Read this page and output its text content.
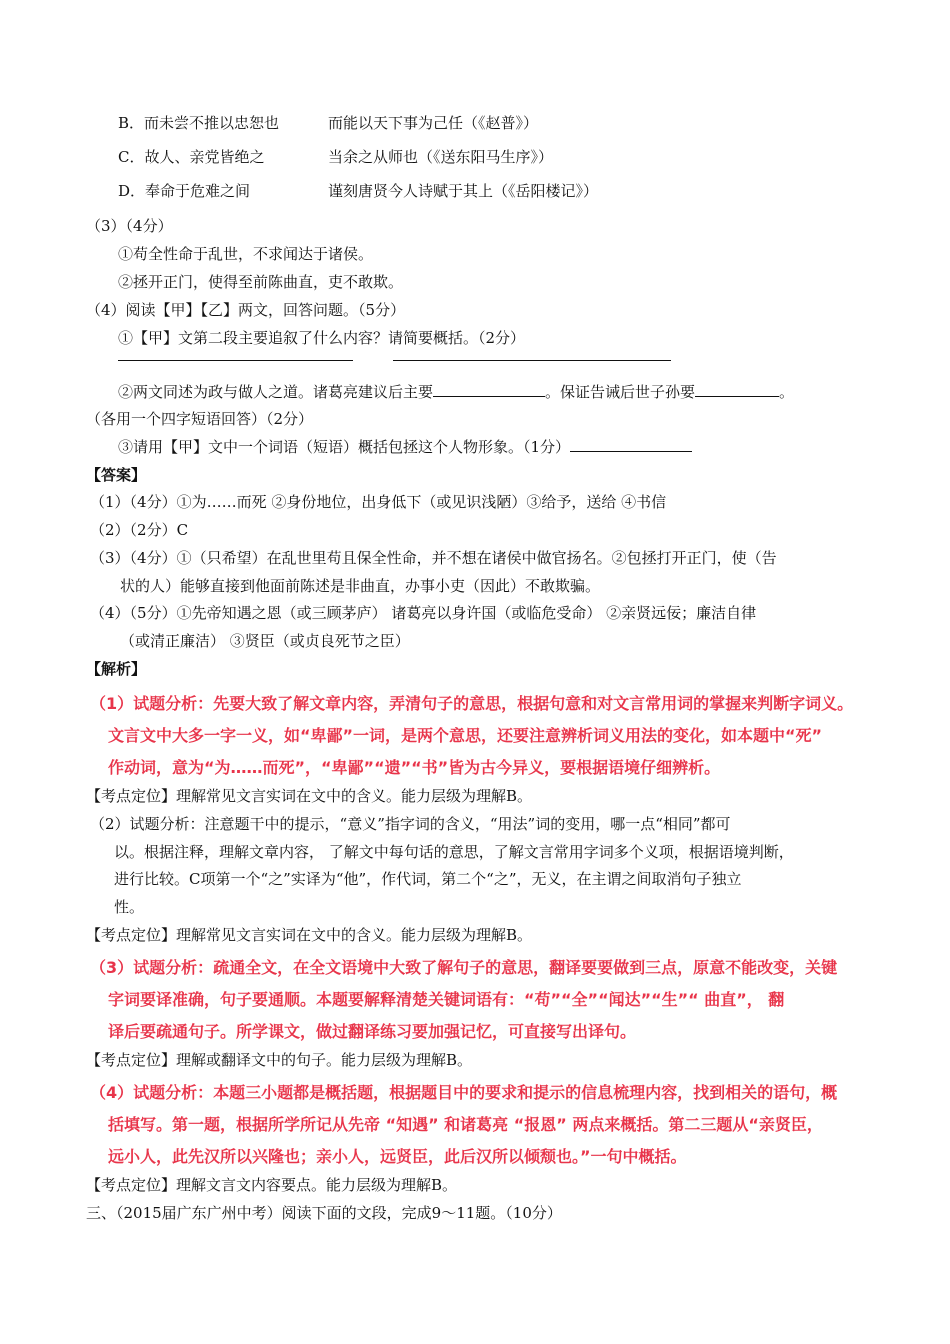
B．而未尝不推以忠恕也	而能以天下事为己任（《赵普》）
C．故人、亲党皆绝之	当余之从师也（《送东阳马生序》）
D．奉命于危难之间	谨刻唐贤今人诗赋于其上（《岳阳楼记》）
（3）（4分）
①苟全性命于乱世，不求闻达于诸侯。
②拯开正门，使得至前陈曲直，吏不敢欺。
（4）阅读【甲】【乙】两文，回答问题。（5分）
①【甲】文第二段主要追叙了什么内容？请简要概括。（2分）

②两文同述为政与做人之道。诸葛亮建议后主要	。保证告诫后世子孙要	。
（各用一个四字短语回答）（2分）
③请用【甲】文中一个词语（短语）概括包拯这个人物形象。（1分）
【答案】
（1）（4分）①为……而死 ②身份地位，出身低下（或见识浅陋）③给予，送给 ④书信
（2）（2分）C
（3）（4分）①（只希望）在乱世里苟且保全性命，并不想在诸侯中做官扬名。②包拯打开正门，使（告
状的人）能够直接到他面前陈述是非曲直，办事小吏（因此）不敢欺骗。
（4）（5分）①先帝知遇之恩（或三顾茅庐） 诸葛亮以身许国（或临危受命） ②亲贤远佞；廉洁自律
（或清正廉洁） ③贤臣（或贞良死节之臣）
【解析】
（1）试题分析：先要大致了解文章内容，弄清句子的意思，根据句意和对文言常用词的掌握来判断字词义。
文言文中大多一字一义，如“卑鄙”一词，是两个意思，还要注意辨析词义用法的变化，如本题中“死”
作动词，意为“为……而死”，“卑鄙”“遗”“书”皆为古今异义，要根据语境仔细辨析。
【考点定位】理解常见文言实词在文中的含义。能力层级为理解B。
（2）试题分析：注意题干中的提示，“意义”指字词的含义，“用法”词的变用，哪一点“相同”都可
以。根据注释，理解文章内容， 了解文中每句话的意思，了解文言常用字词多个义项，根据语境判断，
进行比较。C项第一个“之”实译为“他”，作代词，第二个“之”，无义，在主谓之间取消句子独立
性。
【考点定位】理解常见文言实词在文中的含义。能力层级为理解B。
（3）试题分析：疏通全文，在全文语境中大致了解句子的意思，翻译要要做到三点，原意不能改变，关键
字词要译准确，句子要通顺。本题要解释清楚关键词语有：“苟”“全”“闻达”“生”“ 曲直”， 翻
译后要疏通句子。所学课文，做过翻译练习要加强记忆，可直接写出译句。
【考点定位】理解或翻译文中的句子。能力层级为理解B。
（4）试题分析：本题三小题都是概括题，根据题目中的要求和提示的信息梳理内容，找到相关的语句，概
括填写。第一题，根据所学所记从先帝 “知遇” 和诸葛亮 “报恩” 两点来概括。第二三题从“亲贤臣，
远小人，此先汉所以兴隆也；亲小人，远贤臣，此后汉所以倾颓也。”一句中概括。
【考点定位】理解文言文内容要点。能力层级为理解B。
三、（2015届广东广州中考）阅读下面的文段，完成9～11题。（10分）
